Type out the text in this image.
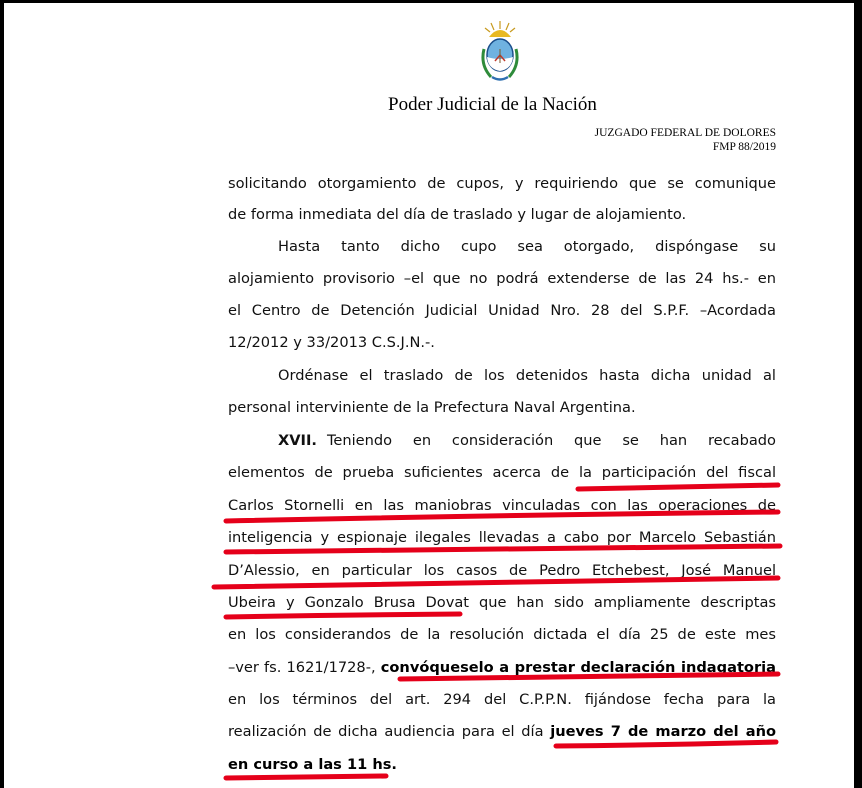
Poder Judicial de la Nación
JUZGADO FEDERAL DE DOLORES
FMP 88/2019
solicitando otorgamiento de cupos, y requiriendo que se comunique
de forma inmediata del día de traslado y lugar de alojamiento.
Hasta tanto dicho cupo sea otorgado, dispóngase su
alojamiento provisorio –el que no podrá extenderse de las 24 hs.- en
el Centro de Detención Judicial Unidad Nro. 28 del S.P.F. –Acordada
12/2012 y 33/2013 C.S.J.N.-.
Ordénase el traslado de los detenidos hasta dicha unidad al
personal interviniente de la Prefectura Naval Argentina.
XVII. Teniendo en consideración que se han recabado
elementos de prueba suficientes acerca de la participación del fiscal
Carlos Stornelli en las maniobras vinculadas con las operaciones de
inteligencia y espionaje ilegales llevadas a cabo por Marcelo Sebastián
D’Alessio, en particular los casos de Pedro Etchebest, José Manuel
Ubeira y Gonzalo Brusa Dovat que han sido ampliamente descriptas
en los considerandos de la resolución dictada el día 25 de este mes
–ver fs. 1621/1728-, convóqueselo a prestar declaración indagatoria
en los términos del art. 294 del C.P.P.N. fijándose fecha para la
realización de dicha audiencia para el día jueves 7 de marzo del año
en curso a las 11 hs.
